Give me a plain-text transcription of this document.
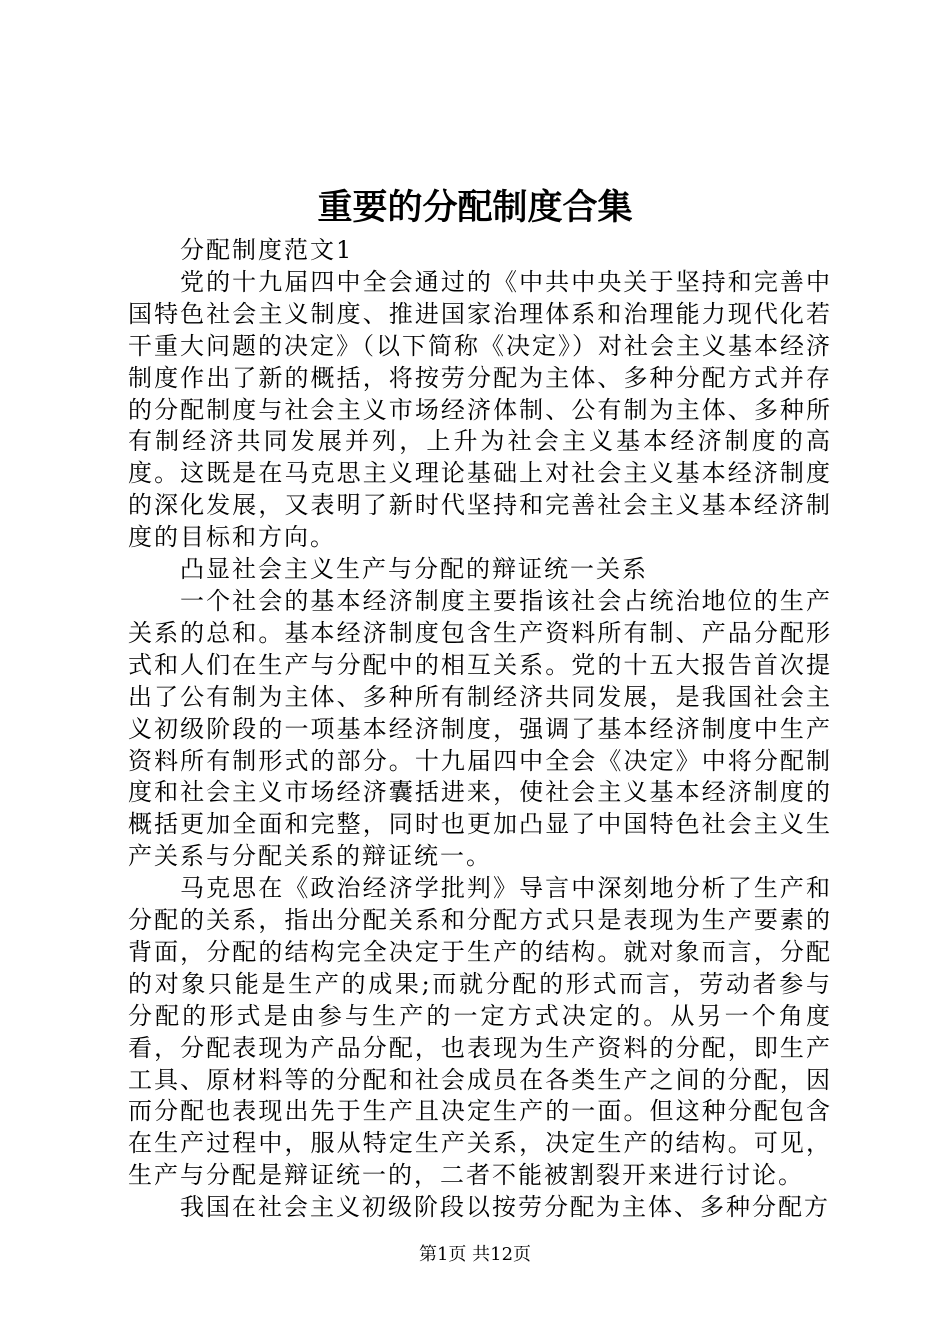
重要的分配制度合集

分配制度范文1

党的十九届四中全会通过的《中共中央关于坚持和完善中国特色社会主义制度、推进国家治理体系和治理能力现代化若干重大问题的决定》（以下简称《决定》）对社会主义基本经济制度作出了新的概括，将按劳分配为主体、多种分配方式并存的分配制度与社会主义市场经济体制、公有制为主体、多种所有制经济共同发展并列，上升为社会主义基本经济制度的高度。这既是在马克思主义理论基础上对社会主义基本经济制度的深化发展，又表明了新时代坚持和完善社会主义基本经济制度的目标和方向。

凸显社会主义生产与分配的辩证统一关系

一个社会的基本经济制度主要指该社会占统治地位的生产关系的总和。基本经济制度包含生产资料所有制、产品分配形式和人们在生产与分配中的相互关系。党的十五大报告首次提出了公有制为主体、多种所有制经济共同发展，是我国社会主义初级阶段的一项基本经济制度，强调了基本经济制度中生产资料所有制形式的部分。十九届四中全会《决定》中将分配制度和社会主义市场经济囊括进来，使社会主义基本经济制度的概括更加全面和完整，同时也更加凸显了中国特色社会主义生产关系与分配关系的辩证统一。

马克思在《政治经济学批判》导言中深刻地分析了生产和分配的关系，指出分配关系和分配方式只是表现为生产要素的背面，分配的结构完全决定于生产的结构。就对象而言，分配的对象只能是生产的成果;而就分配的形式而言，劳动者参与分配的形式是由参与生产的一定方式决定的。从另一个角度看，分配表现为产品分配，也表现为生产资料的分配，即生产工具、原材料等的分配和社会成员在各类生产之间的分配，因而分配也表现出先于生产且决定生产的一面。但这种分配包含在生产过程中，服从特定生产关系，决定生产的结构。可见，生产与分配是辩证统一的，二者不能被割裂开来进行讨论。

我国在社会主义初级阶段以按劳分配为主体、多种分配方

第1页 共12页
